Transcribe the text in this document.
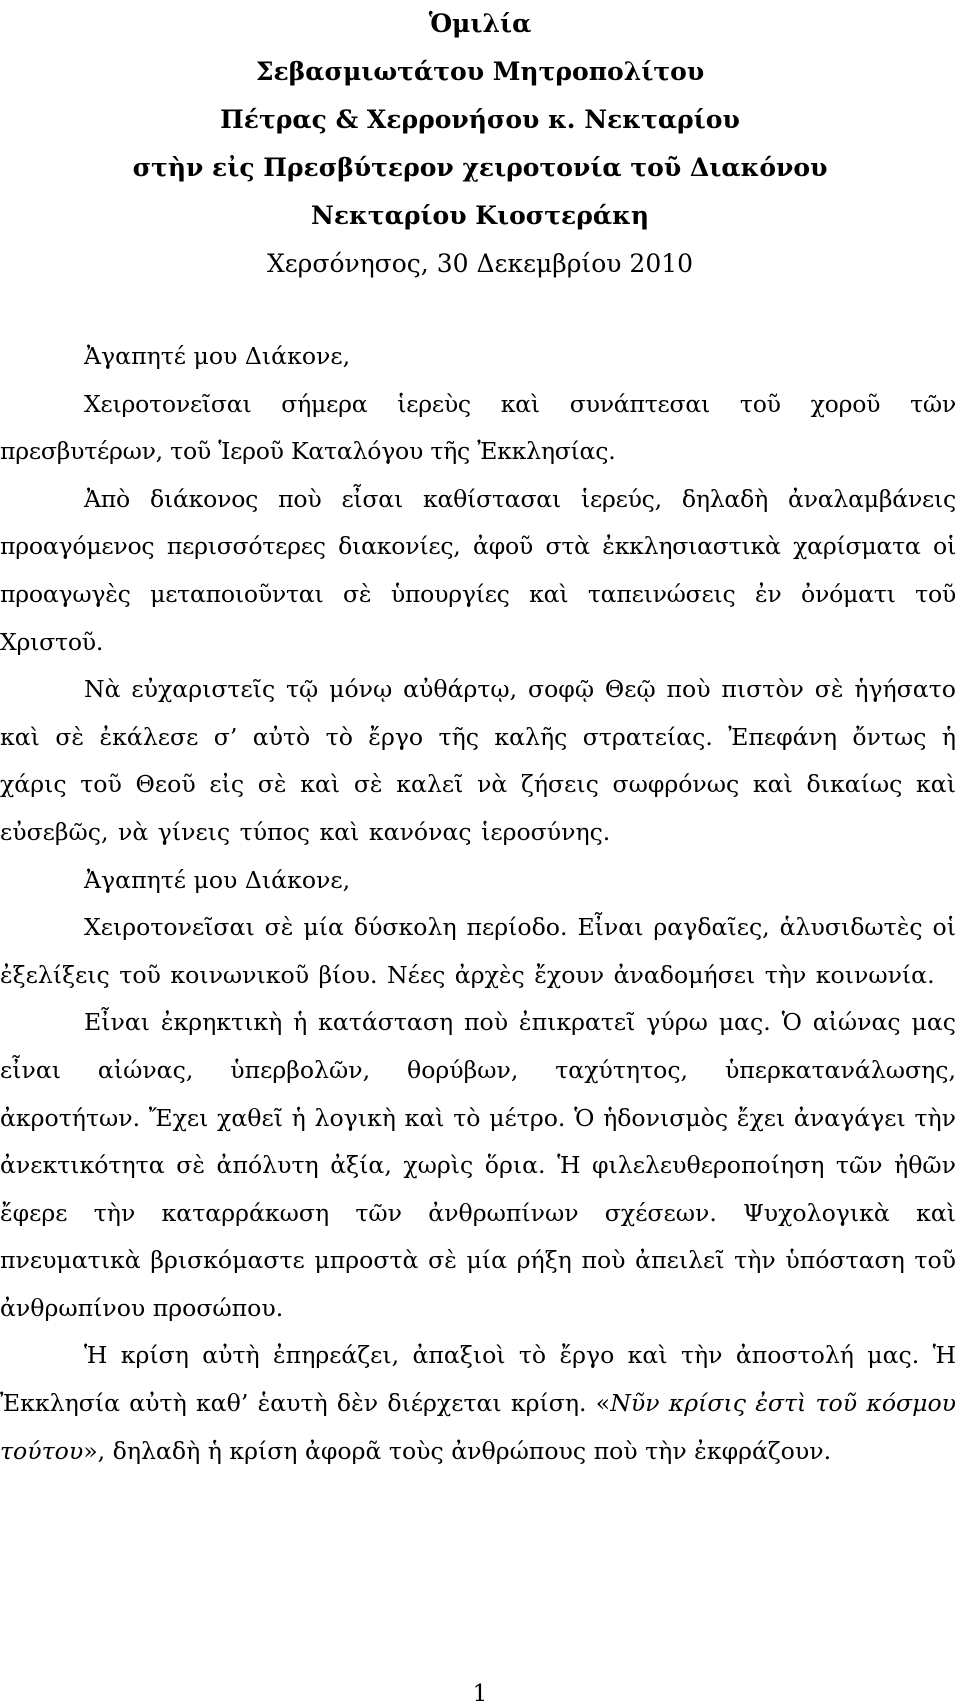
Ὁμιλία
Σεβασμιωτάτου Μητροπολίτου
Πέτρας & Χερρονήσου κ. Νεκταρίου
στὴν εἰς Πρεσβύτερον χειροτονία τοῦ Διακόνου
Νεκταρίου Κιοστεράκη
Χερσόνησος, 30 Δεκεμβρίου 2010

Ἀγαπητέ μου Διάκονε,

Χειροτονεῖσαι σήμερα ἱερεὺς καὶ συνάπτεσαι τοῦ χοροῦ τῶν πρεσβυτέρων, τοῦ Ἱεροῦ Καταλόγου τῆς Ἐκκλησίας.

Ἀπὸ διάκονος ποὺ εἶσαι καθίστασαι ἱερεύς, δηλαδὴ ἀναλαμβάνεις προαγόμενος περισσότερες διακονίες, ἀφοῦ στὰ ἐκκλησιαστικὰ χαρίσματα οἱ προαγωγὲς μεταποιοῦνται σὲ ὑπουργίες καὶ ταπεινώσεις ἐν ὀνόματι τοῦ Χριστοῦ.

Νὰ εὐχαριστεῖς τῷ μόνῳ αὐθάρτῳ, σοφῷ Θεῷ ποὺ πιστὸν σὲ ἡγήσατο καὶ σὲ ἐκάλεσε σ’ αὐτὸ τὸ ἔργο τῆς καλῆς στρατείας. Ἐπεφάνη ὄντως ἡ χάρις τοῦ Θεοῦ εἰς σὲ καὶ σὲ καλεῖ νὰ ζήσεις σωφρόνως καὶ δικαίως καὶ εὐσεβῶς, νὰ γίνεις τύπος καὶ κανόνας ἱεροσύνης.

Ἀγαπητέ μου Διάκονε,

Χειροτονεῖσαι σὲ μία δύσκολη περίοδο. Εἶναι ραγδαῖες, ἁλυσιδωτὲς οἱ ἐξελίξεις τοῦ κοινωνικοῦ βίου. Νέες ἀρχὲς ἔχουν ἀναδομήσει τὴν κοινωνία.

Εἶναι ἐκρηκτικὴ ἡ κατάσταση ποὺ ἐπικρατεῖ γύρω μας. Ὁ αἰώνας μας εἶναι αἰώνας, ὑπερβολῶν, θορύβων, ταχύτητος, ὑπερκατανάλωσης, ἀκροτήτων. Ἔχει χαθεῖ ἡ λογικὴ καὶ τὸ μέτρο. Ὁ ἡδονισμὸς ἔχει ἀναγάγει τὴν ἀνεκτικότητα σὲ ἀπόλυτη ἀξία, χωρὶς ὅρια. Ἡ φιλελευθεροποίηση τῶν ἠθῶν ἔφερε τὴν καταρράκωση τῶν ἀνθρωπίνων σχέσεων. Ψυχολογικὰ καὶ πνευματικὰ βρισκόμαστε μπροστὰ σὲ μία ρήξη ποὺ ἀπειλεῖ τὴν ὑπόσταση τοῦ ἀνθρωπίνου προσώπου.

Ἡ κρίση αὐτὴ ἐπηρεάζει, ἀπαξιοὶ τὸ ἔργο καὶ τὴν ἀποστολή μας. Ἡ Ἐκκλησία αὐτὴ καθ’ ἑαυτὴ δὲν διέρχεται κρίση. «Νῦν κρίσις ἐστὶ τοῦ κόσμου τούτου», δηλαδὴ ἡ κρίση ἀφορᾶ τοὺς ἀνθρώπους ποὺ τὴν ἐκφράζουν.

1
